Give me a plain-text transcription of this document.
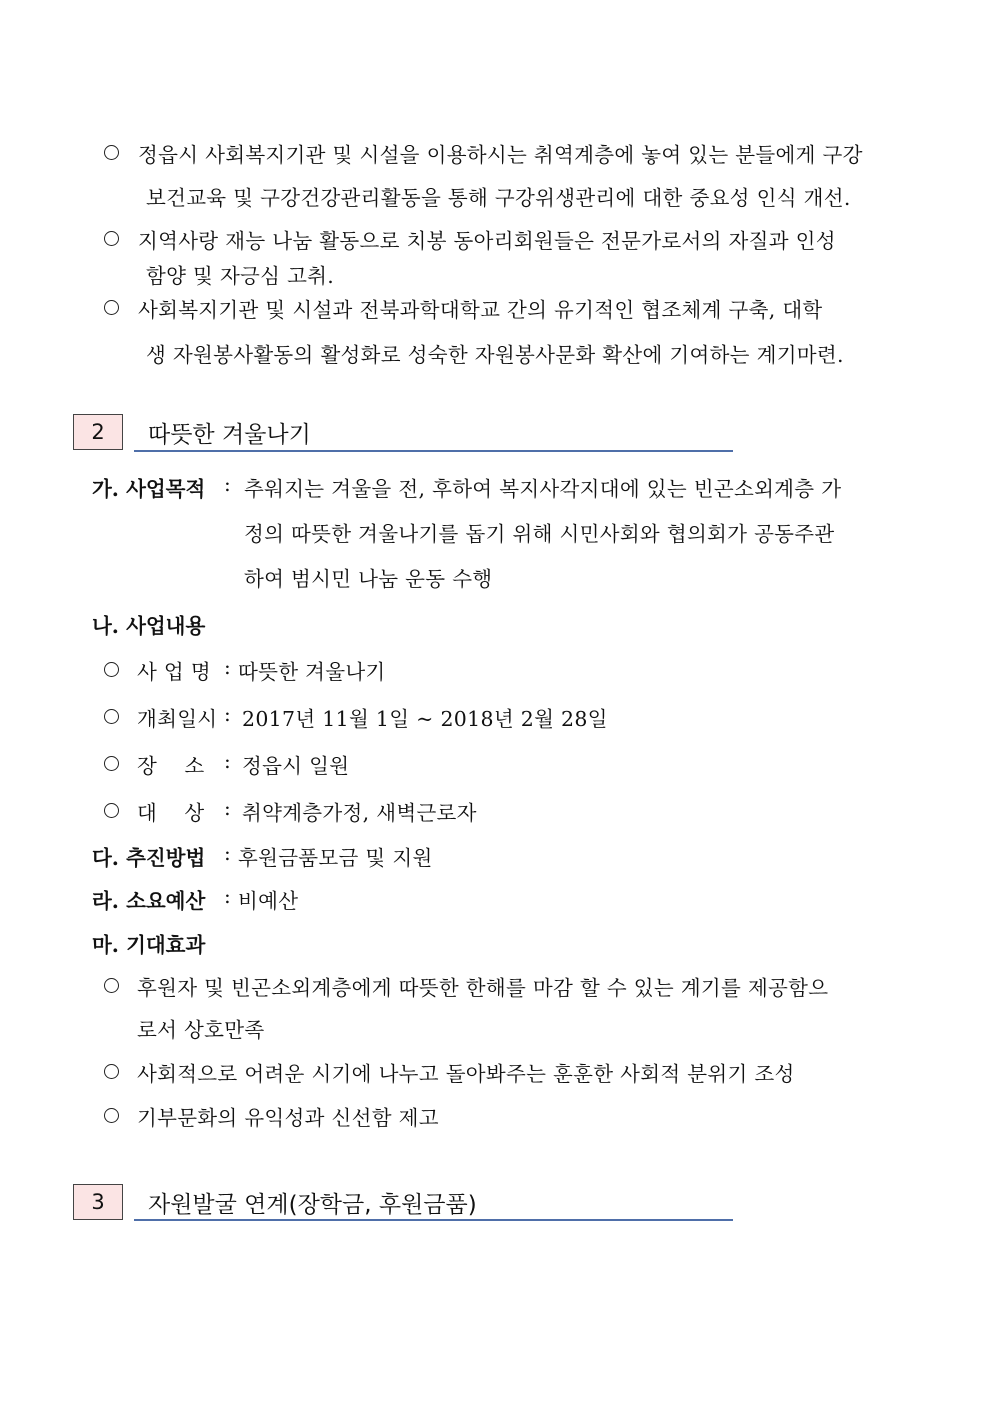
정읍시 사회복지기관 및 시설을 이용하시는 취역계층에 놓여 있는 분들에게 구강
보건교육 및 구강건강관리활동을 통해 구강위생관리에 대한 중요성 인식 개선.
지역사랑 재능 나눔 활동으로 치봉 동아리회원들은 전문가로서의 자질과 인성
함양 및 자긍심 고취.
사회복지기관 및 시설과 전북과학대학교 간의 유기적인 협조체계 구축, 대학
생 자원봉사활동의 활성화로 성숙한 자원봉사문화 확산에 기여하는 계기마련.
2	따뜻한 겨울나기
가. 사업목적 : 추워지는 겨울을 전, 후하여 복지사각지대에 있는 빈곤소외계층 가
정의 따뜻한 겨울나기를 돕기 위해 시민사회와 협의회가 공동주관
하여 범시민 나눔 운동 수행
나. 사업내용
사 업 명 : 따뜻한 겨울나기
개최일시 : 2017년 11월 1일 ~ 2018년 2월 28일
장    소 : 정읍시 일원
대    상 : 취약계층가정, 새벽근로자
다. 추진방법 : 후원금품모금 및 지원
라. 소요예산 : 비예산
마. 기대효과
후원자 및 빈곤소외계층에게 따뜻한 한해를 마감 할 수 있는 계기를 제공함으
로서 상호만족
사회적으로 어려운 시기에 나누고 돌아봐주는 훈훈한 사회적 분위기 조성
기부문화의 유익성과 신선함 제고
3	자원발굴 연계(장학금, 후원금품)
